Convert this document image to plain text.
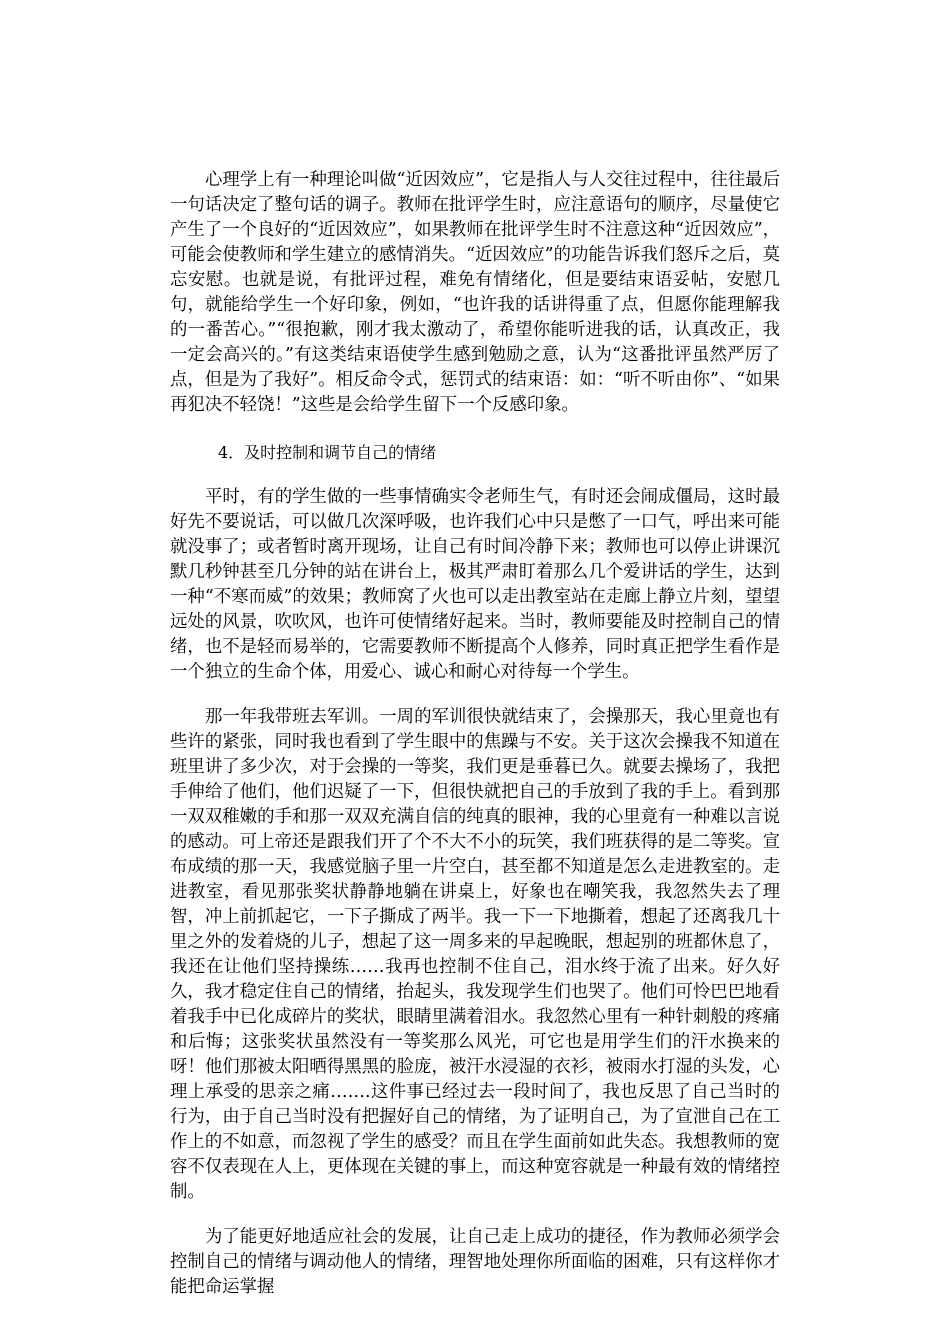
心理学上有一种理论叫做“近因效应”，它是指人与人交往过程中，往往最后一句话决定了整句话的调子。教师在批评学生时，应注意语句的顺序，尽量使它产生了一个良好的“近因效应”，如果教师在批评学生时不注意这种“近因效应”，可能会使教师和学生建立的感情消失。“近因效应”的功能告诉我们怒斥之后，莫忘安慰。也就是说，有批评过程，难免有情绪化，但是要结束语妥帖，安慰几句，就能给学生一个好印象，例如，“也许我的话讲得重了点，但愿你能理解我的一番苦心。”“很抱歉，刚才我太激动了，希望你能听进我的话，认真改正，我一定会高兴的。”有这类结束语使学生感到勉励之意，认为“这番批评虽然严厉了点，但是为了我好”。相反命令式，惩罚式的结束语：如：“听不听由你”、“如果再犯决不轻饶！”这些是会给学生留下一个反感印象。

4．及时控制和调节自己的情绪

平时，有的学生做的一些事情确实令老师生气，有时还会闹成僵局，这时最好先不要说话，可以做几次深呼吸，也许我们心中只是憋了一口气，呼出来可能就没事了；或者暂时离开现场，让自己有时间冷静下来；教师也可以停止讲课沉默几秒钟甚至几分钟的站在讲台上，极其严肃盯着那么几个爱讲话的学生，达到一种“不寒而威”的效果；教师窝了火也可以走出教室站在走廊上静立片刻，望望远处的风景，吹吹风，也许可使情绪好起来。当时，教师要能及时控制自己的情绪，也不是轻而易举的，它需要教师不断提高个人修养，同时真正把学生看作是一个独立的生命个体，用爱心、诚心和耐心对待每一个学生。

那一年我带班去军训。一周的军训很快就结束了，会操那天，我心里竟也有些许的紧张，同时我也看到了学生眼中的焦躁与不安。关于这次会操我不知道在班里讲了多少次，对于会操的一等奖，我们更是垂暮已久。就要去操场了，我把手伸给了他们，他们迟疑了一下，但很快就把自己的手放到了我的手上。看到那一双双稚嫩的手和那一双双充满自信的纯真的眼神，我的心里竟有一种难以言说的感动。可上帝还是跟我们开了个不大不小的玩笑，我们班获得的是二等奖。宣布成绩的那一天，我感觉脑子里一片空白，甚至都不知道是怎么走进教室的。走进教室，看见那张奖状静静地躺在讲桌上，好象也在嘲笑我，我忽然失去了理智，冲上前抓起它，一下子撕成了两半。我一下一下地撕着，想起了还离我几十里之外的发着烧的儿子，想起了这一周多来的早起晚眠，想起别的班都休息了，我还在让他们坚持操练……我再也控制不住自己，泪水终于流了出来。好久好久，我才稳定住自己的情绪，抬起头，我发现学生们也哭了。他们可怜巴巴地看着我手中已化成碎片的奖状，眼睛里满着泪水。我忽然心里有一种针刺般的疼痛和后悔；这张奖状虽然没有一等奖那么风光，可它也是用学生们的汗水换来的呀！他们那被太阳晒得黑黑的脸庞，被汗水浸湿的衣衫，被雨水打湿的头发，心理上承受的思亲之痛…….这件事已经过去一段时间了，我也反思了自己当时的行为，由于自己当时没有把握好自己的情绪，为了证明自己，为了宣泄自己在工作上的不如意，而忽视了学生的感受？而且在学生面前如此失态。我想教师的宽容不仅表现在人上，更体现在关键的事上，而这种宽容就是一种最有效的情绪控制。

为了能更好地适应社会的发展，让自己走上成功的捷径，作为教师必须学会控制自己的情绪与调动他人的情绪，理智地处理你所面临的困难，只有这样你才能把命运掌握
